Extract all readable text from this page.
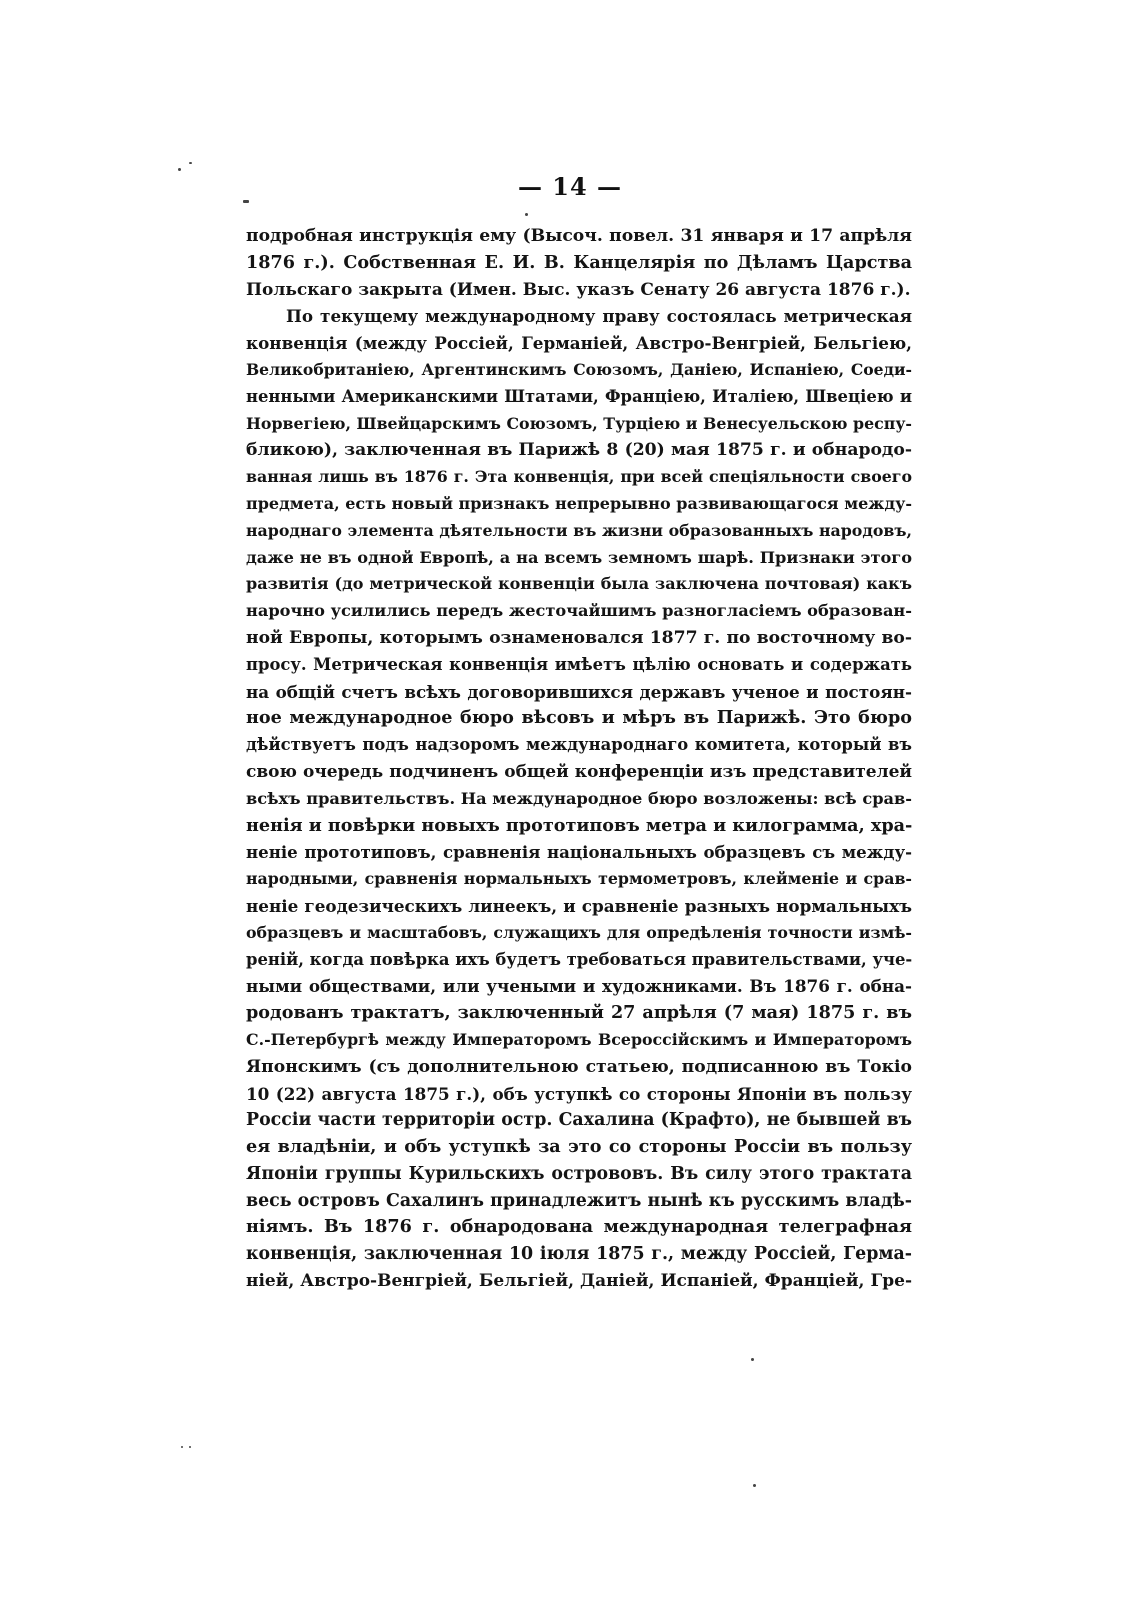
— 14 —
подробная инструкція ему (Высоч. повел. 31 января и 17 апрѣля
1876 г.). Собственная Е. И. В. Канцелярія по Дѣламъ Царства
Польскаго закрыта (Имен. Выс. указъ Сенату 26 августа 1876 г.).
По текущему международному праву состоялась метрическая
конвенція (между Россіей, Германіей, Австро-Венгріей, Бельгіею,
Великобританіею, Аргентинскимъ Союзомъ, Даніею, Испаніею, Соеди-
ненными Американскими Штатами, Франціею, Италіею, Швеціею и
Норвегіею, Швейцарскимъ Союзомъ, Турціею и Венесуельскою респу-
бликою), заключенная въ Парижѣ 8 (20) мая 1875 г. и обнародо-
ванная лишь въ 1876 г. Эта конвенція, при всей спеціяльности своего
предмета, есть новый признакъ непрерывно развивающагося между-
народнаго элемента дѣятельности въ жизни образованныхъ народовъ,
даже не въ одной Европѣ, а на всемъ земномъ шарѣ. Признаки этого
развитія (до метрической конвенціи была заключена почтовая) какъ
нарочно усилились передъ жесточайшимъ разногласіемъ образован-
ной Европы, которымъ ознаменовался 1877 г. по восточному во-
просу. Метрическая конвенція имѣетъ цѣлію основать и содержать
на общій счетъ всѣхъ договорившихся державъ ученое и постоян-
ное международное бюро вѣсовъ и мѣръ въ Парижѣ. Это бюро
дѣйствуетъ подъ надзоромъ международнаго комитета, который въ
свою очередь подчиненъ общей конференціи изъ представителей
всѣхъ правительствъ. На международное бюро возложены: всѣ срав-
ненія и повѣрки новыхъ прототиповъ метра и килограмма, хра-
неніе прототиповъ, сравненія національныхъ образцевъ съ между-
народными, сравненія нормальныхъ термометровъ, клейменіе и срав-
неніе геодезическихъ линеекъ, и сравненіе разныхъ нормальныхъ
образцевъ и масштабовъ, служащихъ для опредѣленія точности измѣ-
реній, когда повѣрка ихъ будетъ требоваться правительствами, уче-
ными обществами, или учеными и художниками. Въ 1876 г. обна-
родованъ трактатъ, заключенный 27 апрѣля (7 мая) 1875 г. въ
С.-Петербургѣ между Императоромъ Всероссійскимъ и Императоромъ
Японскимъ (съ дополнительною статьею, подписанною въ Токіо
10 (22) августа 1875 г.), объ уступкѣ со стороны Японіи въ пользу
Россіи части территоріи остр. Сахалина (Крафто), не бывшей въ
ея владѣніи, и объ уступкѣ за это со стороны Россіи въ пользу
Японіи группы Курильскихъ острововъ. Въ силу этого трактата
весь островъ Сахалинъ принадлежитъ нынѣ къ русскимъ владѣ-
ніямъ. Въ 1876 г. обнародована международная телеграфная
конвенція, заключенная 10 іюля 1875 г., между Россіей, Герма-
ніей, Австро-Венгріей, Бельгіей, Даніей, Испаніей, Франціей, Гре-
